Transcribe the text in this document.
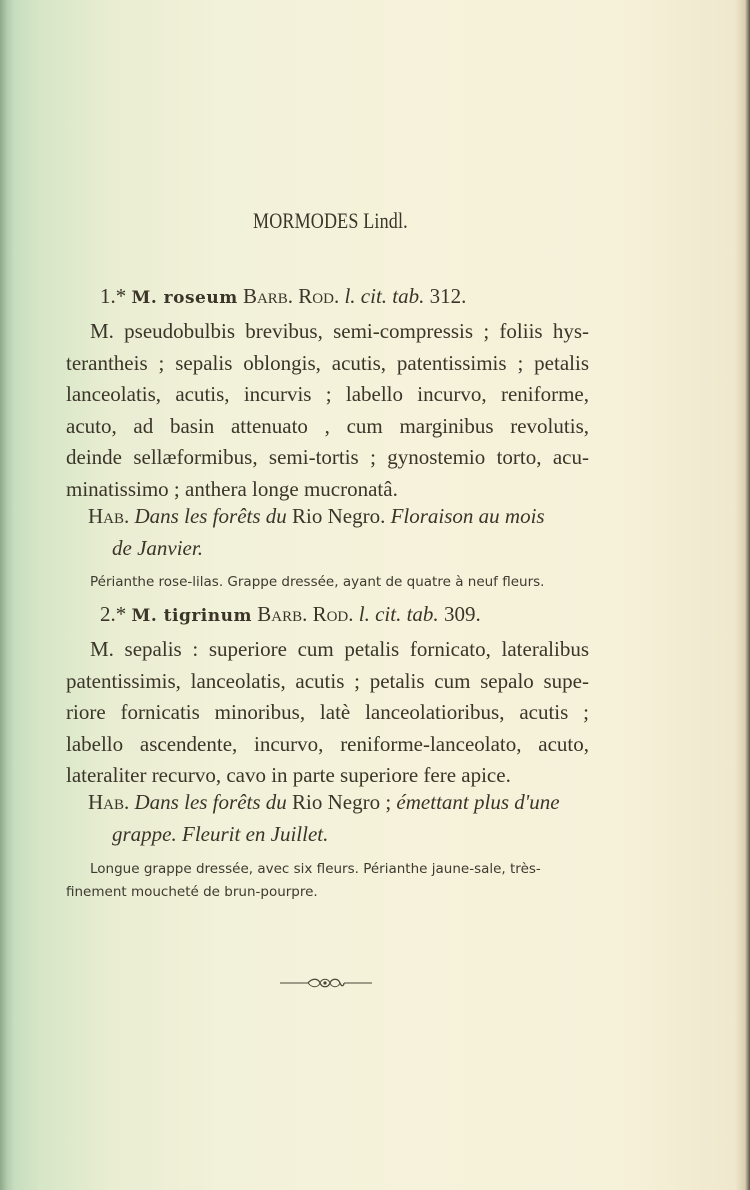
MORMODES Lindl.
1.* M. roseum Barb. Rod. l. cit. tab. 312.
M. pseudobulbis brevibus, semi-compressis ; foliis hys-
terantheis ; sepalis oblongis, acutis, patentissimis ; petalis
lanceolatis, acutis, incurvis ; labello incurvo, reniforme,
acuto, ad basin attenuato , cum marginibus revolutis,
deinde sellæformibus, semi-tortis ; gynostemio torto, acu-
minatissimo ; anthera longe mucronatâ.
Hab. Dans les forêts du Rio Negro. Floraison au mois
de Janvier.
Périanthe rose-lilas. Grappe dressée, ayant de quatre à neuf fleurs.
2.* M. tigrinum Barb. Rod. l. cit. tab. 309.
M. sepalis : superiore cum petalis fornicato, lateralibus
patentissimis, lanceolatis, acutis ; petalis cum sepalo supe-
riore fornicatis minoribus, latè lanceolatioribus, acutis ;
labello ascendente, incurvo, reniforme-lanceolato, acuto,
lateraliter recurvo, cavo in parte superiore fere apice.
Hab. Dans les forêts du Rio Negro ; émettant plus d'une
grappe. Fleurit en Juillet.
Longue grappe dressée, avec six fleurs. Périanthe jaune-sale, très-
finement moucheté de brun-pourpre.
